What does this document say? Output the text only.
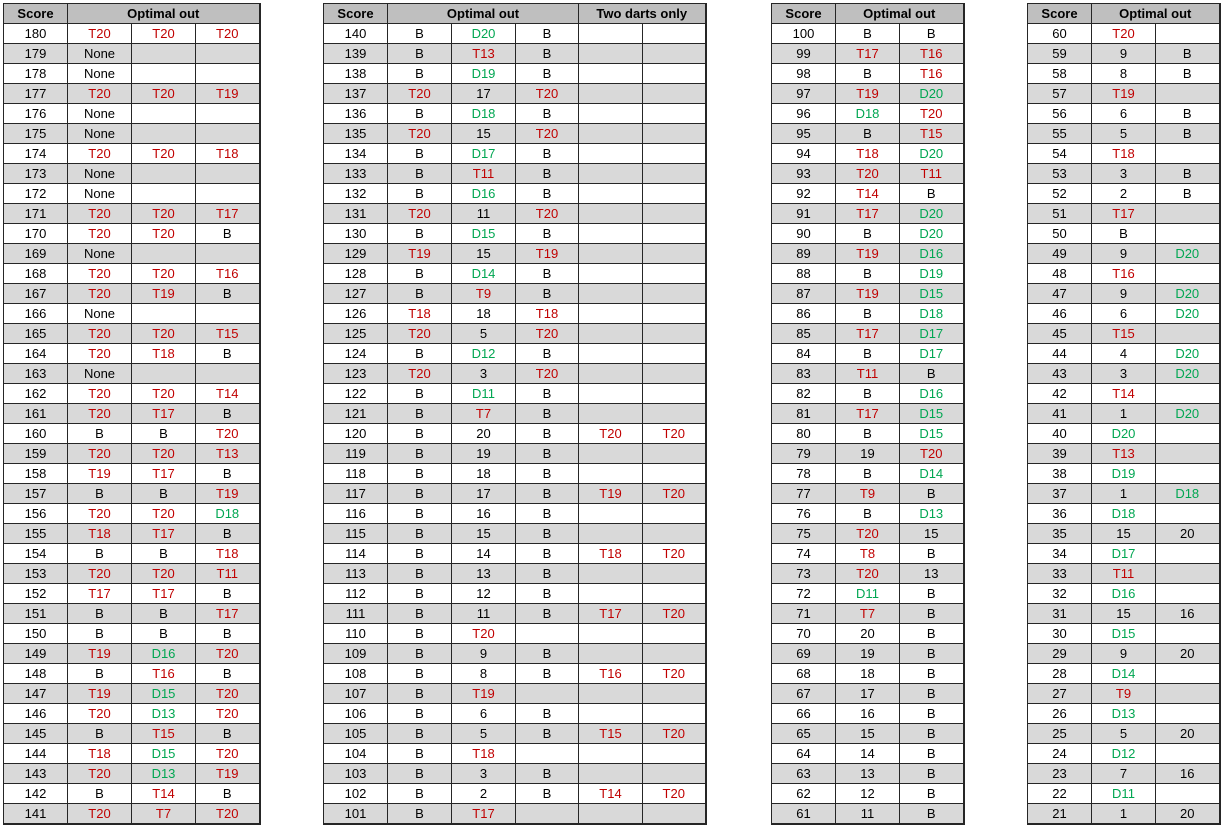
Score	Optimal out		
180	T20	T20	T20
179	None		
178	None		
177	T20	T20	T19
176	None		
175	None		
174	T20	T20	T18
173	None		
172	None		
171	T20	T20	T17
170	T20	T20	B
169	None		
168	T20	T20	T16
167	T20	T19	B
166	None		
165	T20	T20	T15
164	T20	T18	B
163	None		
162	T20	T20	T14
161	T20	T17	B
160	B	B	T20
159	T20	T20	T13
158	T19	T17	B
157	B	B	T19
156	T20	T20	D18
155	T18	T17	B
154	B	B	T18
153	T20	T20	T11
152	T17	T17	B
151	B	B	T17
150	B	B	B
149	T19	D16	T20
148	B	T16	B
147	T19	D15	T20
146	T20	D13	T20
145	B	T15	B
144	T18	D15	T20
143	T20	D13	T19
142	B	T14	B
141	T20	T7	T20
Score	Optimal out			Two darts only	
140	B	D20	B		
139	B	T13	B		
138	B	D19	B		
137	T20	17	T20		
136	B	D18	B		
135	T20	15	T20		
134	B	D17	B		
133	B	T11	B		
132	B	D16	B		
131	T20	11	T20		
130	B	D15	B		
129	T19	15	T19		
128	B	D14	B		
127	B	T9	B		
126	T18	18	T18		
125	T20	5	T20		
124	B	D12	B		
123	T20	3	T20		
122	B	D11	B		
121	B	T7	B		
120	B	20	B	T20	T20
119	B	19	B		
118	B	18	B		
117	B	17	B	T19	T20
116	B	16	B		
115	B	15	B		
114	B	14	B	T18	T20
113	B	13	B		
112	B	12	B		
111	B	11	B	T17	T20
110	B	T20			
109	B	9	B		
108	B	8	B	T16	T20
107	B	T19			
106	B	6	B		
105	B	5	B	T15	T20
104	B	T18			
103	B	3	B		
102	B	2	B	T14	T20
101	B	T17			
Score	Optimal out	
100	B	B
99	T17	T16
98	B	T16
97	T19	D20
96	D18	T20
95	B	T15
94	T18	D20
93	T20	T11
92	T14	B
91	T17	D20
90	B	D20
89	T19	D16
88	B	D19
87	T19	D15
86	B	D18
85	T17	D17
84	B	D17
83	T11	B
82	B	D16
81	T17	D15
80	B	D15
79	19	T20
78	B	D14
77	T9	B
76	B	D13
75	T20	15
74	T8	B
73	T20	13
72	D11	B
71	T7	B
70	20	B
69	19	B
68	18	B
67	17	B
66	16	B
65	15	B
64	14	B
63	13	B
62	12	B
61	11	B
Score	Optimal out	
60	T20	
59	9	B
58	8	B
57	T19	
56	6	B
55	5	B
54	T18	
53	3	B
52	2	B
51	T17	
50	B	
49	9	D20
48	T16	
47	9	D20
46	6	D20
45	T15	
44	4	D20
43	3	D20
42	T14	
41	1	D20
40	D20	
39	T13	
38	D19	
37	1	D18
36	D18	
35	15	20
34	D17	
33	T11	
32	D16	
31	15	16
30	D15	
29	9	20
28	D14	
27	T9	
26	D13	
25	5	20
24	D12	
23	7	16
22	D11	
21	1	20
